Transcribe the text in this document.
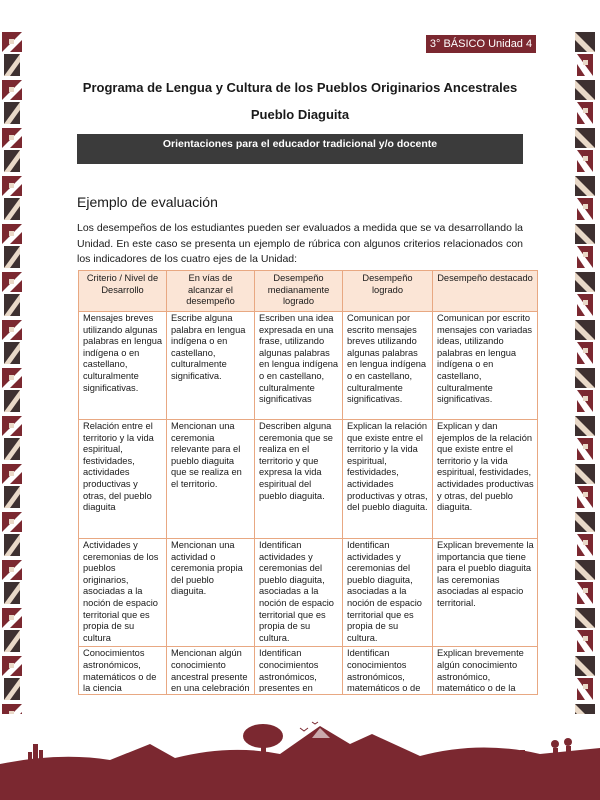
3° BÁSICO Unidad 4
Programa de Lengua y Cultura de los Pueblos Originarios Ancestrales
Pueblo Diaguita
Orientaciones para el educador tradicional y/o docente
Ejemplo de evaluación

Los desempeños de los estudiantes pueden ser evaluados a medida que se va desarrollando la Unidad. En este caso se presenta un ejemplo de rúbrica con algunos criterios relacionados con los indicadores de los cuatro ejes de la Unidad:

Criterio / Nivel de Desarrollo	En vías de alcanzar el desempeño	Desempeño medianamente logrado	Desempeño logrado	Desempeño destacado
Mensajes breves utilizando algunas palabras en lengua indígena o en castellano, culturalmente significativas.	Escribe alguna palabra en lengua indígena o en castellano, culturalmente significativa.	Escriben una idea expresada en una frase, utilizando algunas palabras en lengua indígena o en castellano, culturalmente significativas	Comunican por escrito mensajes breves utilizando algunas palabras en lengua indígena o en castellano, culturalmente significativas.	Comunican por escrito mensajes con variadas ideas, utilizando palabras en lengua indígena o en castellano, culturalmente significativas.
Relación entre el territorio y la vida espiritual, festividades, actividades productivas y otras, del pueblo diaguita	Mencionan una ceremonia relevante para el pueblo diaguita que se realiza en el territorio.	Describen alguna ceremonia que se realiza en el territorio y que expresa la vida espiritual del pueblo diaguita.	Explican la relación que existe entre el territorio y la vida espiritual, festividades, actividades productivas y otras, del pueblo diaguita.	Explican y dan ejemplos de la relación que existe entre el territorio y la vida espiritual, festividades, actividades productivas y otras, del pueblo diaguita.
Actividades y ceremonias de los pueblos originarios, asociadas a la noción de espacio territorial que es propia de su cultura	Mencionan una actividad o ceremonia propia del pueblo diaguita.	Identifican actividades y ceremonias del pueblo diaguita, asociadas a la noción de espacio territorial que es propia de su cultura.	Identifican actividades y ceremonias del pueblo diaguita, asociadas a la noción de espacio territorial que es propia de su cultura.	Explican brevemente la importancia que tiene para el pueblo diaguita las ceremonias asociadas al espacio territorial.

Conocimientos astronómicos, matemáticos o de la ciencia	Mencionan algún conocimiento ancestral presente en una celebración	Identifican conocimientos astronómicos, presentes en	Identifican conocimientos astronómicos, matemáticos o de	Explican brevemente algún conocimiento astronómico, matemático o de la
